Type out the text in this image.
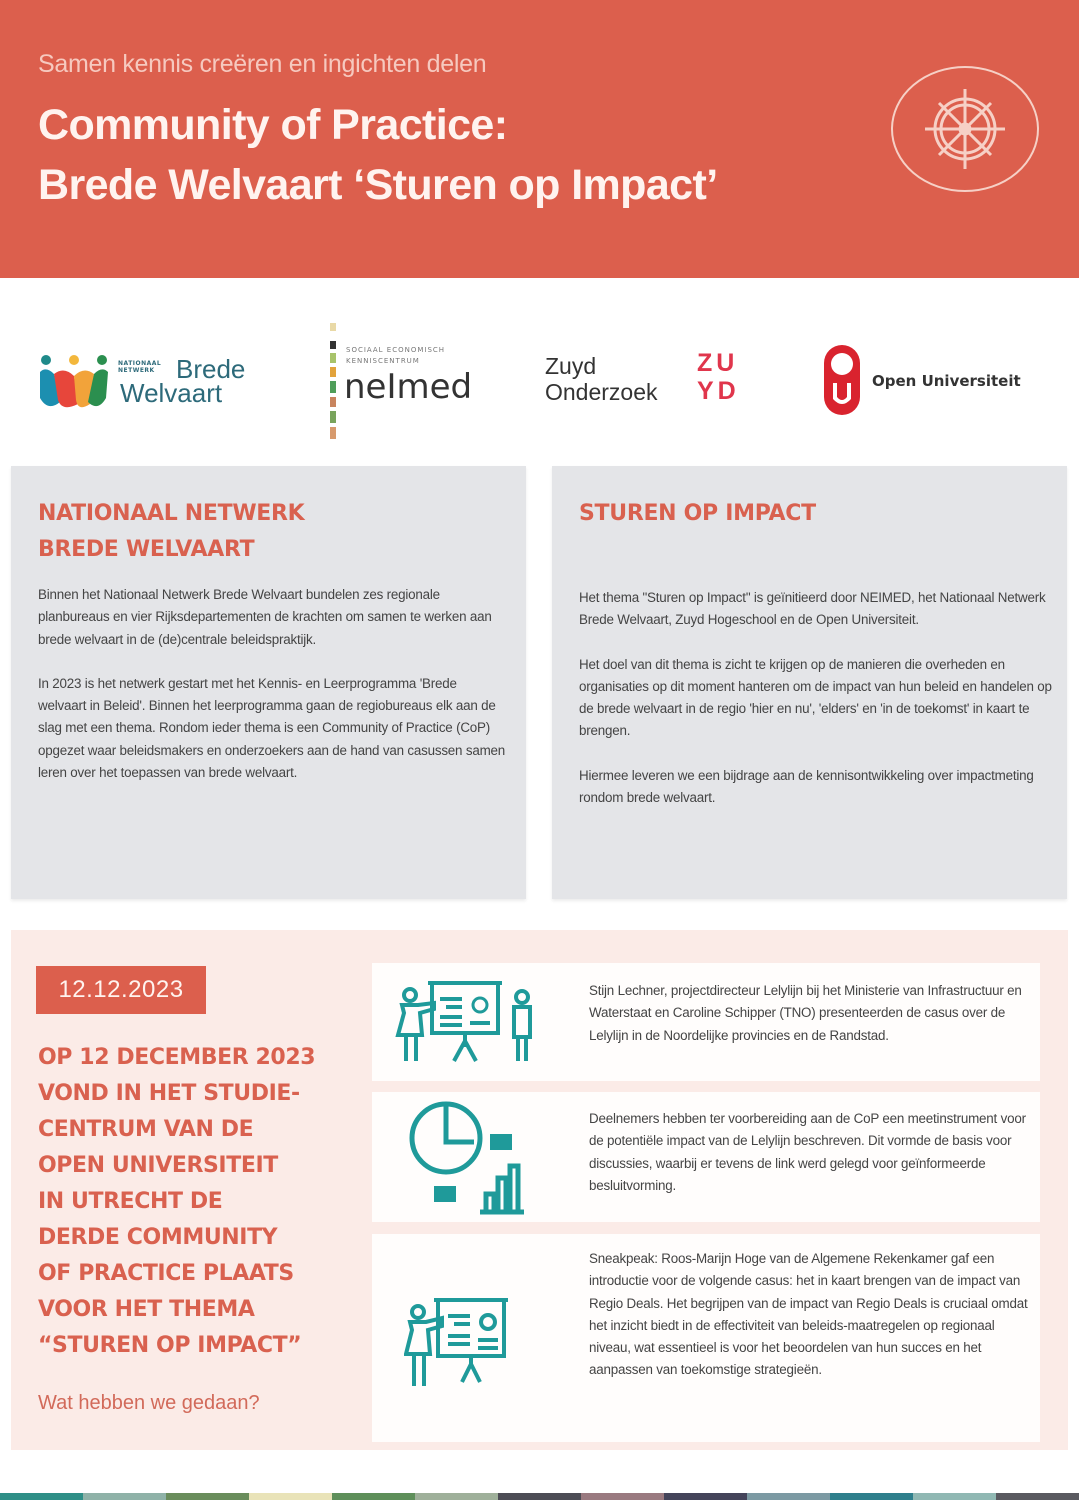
Samen kennis creëren en ingichten delen
Community of Practice:
Brede Welvaart ‘Sturen op Impact’
NATIONAAL
NETWERK Brede
Welvaart
SOCIAAL ECONOMISCH
KENNISCENTRUM
neImed
Zuyd
Onderzoek
ZU
YD	Open Universiteit
NATIONAAL NETWERK
BREDE WELVAART

Binnen het Nationaal Netwerk Brede Welvaart bundelen zes regionale planbureaus en vier Rijksdepartementen de krachten om samen te werken aan brede welvaart in de (de)centrale beleidspraktijk.

In 2023 is het netwerk gestart met het Kennis- en Leerprogramma 'Brede welvaart in Beleid'. Binnen het leerprogramma gaan de regiobureaus elk aan de slag met een thema. Rondom ieder thema is een Community of Practice (CoP) opgezet waar beleidsmakers en onderzoekers aan de hand van casussen samen leren over het toepassen van brede welvaart.

STUREN OP IMPACT

Het thema "Sturen op Impact" is geïnitieerd door NEIMED, het Nationaal Netwerk Brede Welvaart, Zuyd Hogeschool en de Open Universiteit.

Het doel van dit thema is zicht te krijgen op de manieren die overheden en organisaties op dit moment hanteren om de impact van hun beleid en handelen op de brede welvaart in de regio 'hier en nu', 'elders' en 'in de toekomst' in kaart te brengen.

Hiermee leveren we een bijdrage aan de kennisontwikkeling over impactmeting rondom brede welvaart.

12.12.2023
OP 12 DECEMBER 2023
VOND IN HET STUDIE-
CENTRUM VAN DE
OPEN UNIVERSITEIT
IN UTRECHT DE
DERDE COMMUNITY
OF PRACTICE PLAATS
VOOR HET THEMA
“STUREN OP IMPACT”
Wat hebben we gedaan?
Stijn Lechner, projectdirecteur Lelylijn bij het Ministerie van Infrastructuur en Waterstaat en Caroline Schipper (TNO) presenteerden de casus over de Lelylijn in de Noordelijke provincies en de Randstad.
Deelnemers hebben ter voorbereiding aan de CoP een meetinstrument voor de potentiële impact van de Lelylijn beschreven. Dit vormde de basis voor discussies, waarbij er tevens de link werd gelegd voor geïnformeerde besluitvorming.
Sneakpeak: Roos-Marijn Hoge van de Algemene Rekenkamer gaf een introductie voor de volgende casus: het in kaart brengen van de impact van Regio Deals. Het begrijpen van de impact van Regio Deals is cruciaal omdat het inzicht biedt in de effectiviteit van beleids-maatregelen op regionaal niveau, wat essentieel is voor het beoordelen van hun succes en het aanpassen van toekomstige strategieën.
